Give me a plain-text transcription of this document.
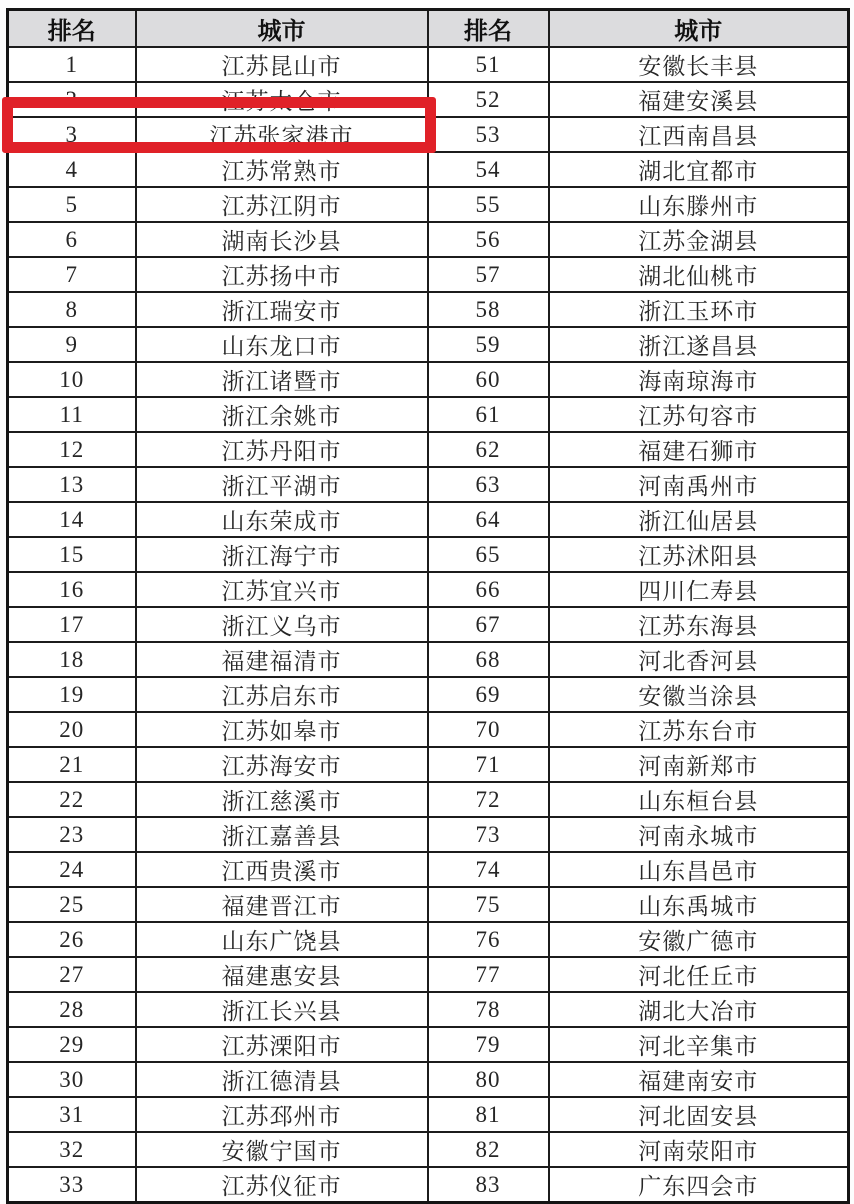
排名	城市	排名	城市
1	江苏昆山市	51	安徽长丰县
2	江苏太仓市	52	福建安溪县
3	江苏张家港市	53	江西南昌县
4	江苏常熟市	54	湖北宜都市
5	江苏江阴市	55	山东滕州市
6	湖南长沙县	56	江苏金湖县
7	江苏扬中市	57	湖北仙桃市
8	浙江瑞安市	58	浙江玉环市
9	山东龙口市	59	浙江遂昌县
10	浙江诸暨市	60	海南琼海市
11	浙江余姚市	61	江苏句容市
12	江苏丹阳市	62	福建石狮市
13	浙江平湖市	63	河南禹州市
14	山东荣成市	64	浙江仙居县
15	浙江海宁市	65	江苏沭阳县
16	江苏宜兴市	66	四川仁寿县
17	浙江义乌市	67	江苏东海县
18	福建福清市	68	河北香河县
19	江苏启东市	69	安徽当涂县
20	江苏如皋市	70	江苏东台市
21	江苏海安市	71	河南新郑市
22	浙江慈溪市	72	山东桓台县
23	浙江嘉善县	73	河南永城市
24	江西贵溪市	74	山东昌邑市
25	福建晋江市	75	山东禹城市
26	山东广饶县	76	安徽广德市
27	福建惠安县	77	河北任丘市
28	浙江长兴县	78	湖北大冶市
29	江苏溧阳市	79	河北辛集市
30	浙江德清县	80	福建南安市
31	江苏邳州市	81	河北固安县
32	安徽宁国市	82	河南荥阳市
33	江苏仪征市	83	广东四会市
